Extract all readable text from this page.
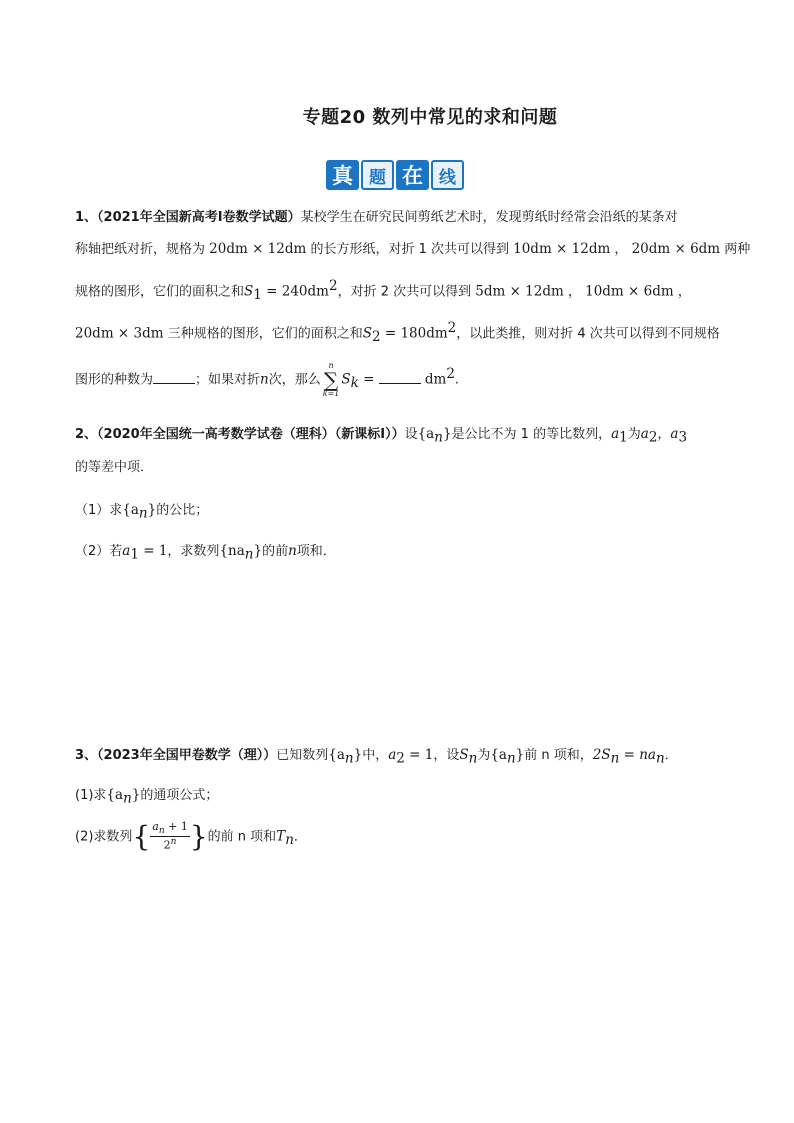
专题20 数列中常见的求和问题
真 题 在 线
1、（2021年全国新高考Ⅰ卷数学试题）某校学生在研究民间剪纸艺术时，发现剪纸时经常会沿纸的某条对
称轴把纸对折，规格为 20dm × 12dm 的长方形纸，对折 1 次共可以得到 10dm × 12dm ， 20dm × 6dm 两种
规格的图形，它们的面积之和$S_1 = 240dm^2$，对折 2 次共可以得到 5dm × 12dm ， 10dm × 6dm ，
20dm × 3dm 三种规格的图形，它们的面积之和$S_2 = 180dm^2$，以此类推，则对折 4 次共可以得到不同规格
图形的种数为	；如果对折n次，那么
n
∑
k=1
$S_k$ =	$dm^2$.
2、（2020年全国统一高考数学试卷（理科）（新课标Ⅰ））设$\{a_n\}$是公比不为 1 的等比数列，$a_1$为$a_2$，$a_3$
的等差中项．
（1）求$\{a_n\}$的公比；
（2）若$a_1 = 1$，求数列$\{na_n\}$的前n项和．
3、（2023年全国甲卷数学（理））已知数列$\{a_n\}$中，$a_2 = 1$，设$S_n$为$\{a_n\}$前 n 项和，$2S_n = na_n$．
(1)求$\{a_n\}$的通项公式；
(2)求数列{ $\frac{a_n + 1}{2^n}$ }的前 n 项和$T_n$．
